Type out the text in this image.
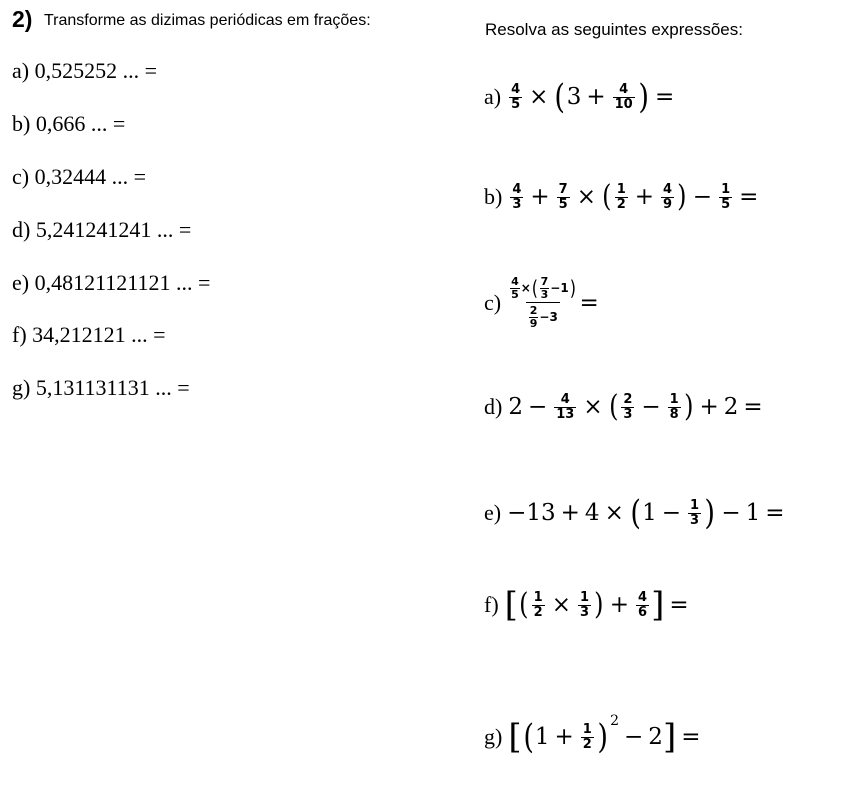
2) Transforme as dizimas periódicas em frações:	Resolva as seguintes expressões:
a) 0,525252 ... =
b) 0,666 ... =
c) 0,32444 ... =
d) 5,241241241 ... =
e) 0,48121121121 ... =
f) 34,212121 ... =
g) 5,131131131 ... =
$a) \frac{4}{5}$ × ( $3 + \frac{4}{10}$ ) =
$b) \frac{4}{3} + \frac{7}{5}$ × ( $\frac{1}{2} + \frac{4}{9}$ ) − $\frac{1}{5}$ =
$c) \frac{4}{5}$ × ( 7
3 − 1 )
2
9 − 3 =
d) $2 - \frac{4}{13}$ × ( $\frac{2}{3} - \frac{1}{8}$ ) + 2 =
e) −13 + 4 × ( $1 - \frac{1}{3}$ ) − 1 =
f) [ ( $\frac{1}{2} \times \frac{1}{3}$ ) + $\frac{4}{6}$ ] =
g) [ ( $1 + \frac{1}{2}$ ) 2
− 2 ] =
